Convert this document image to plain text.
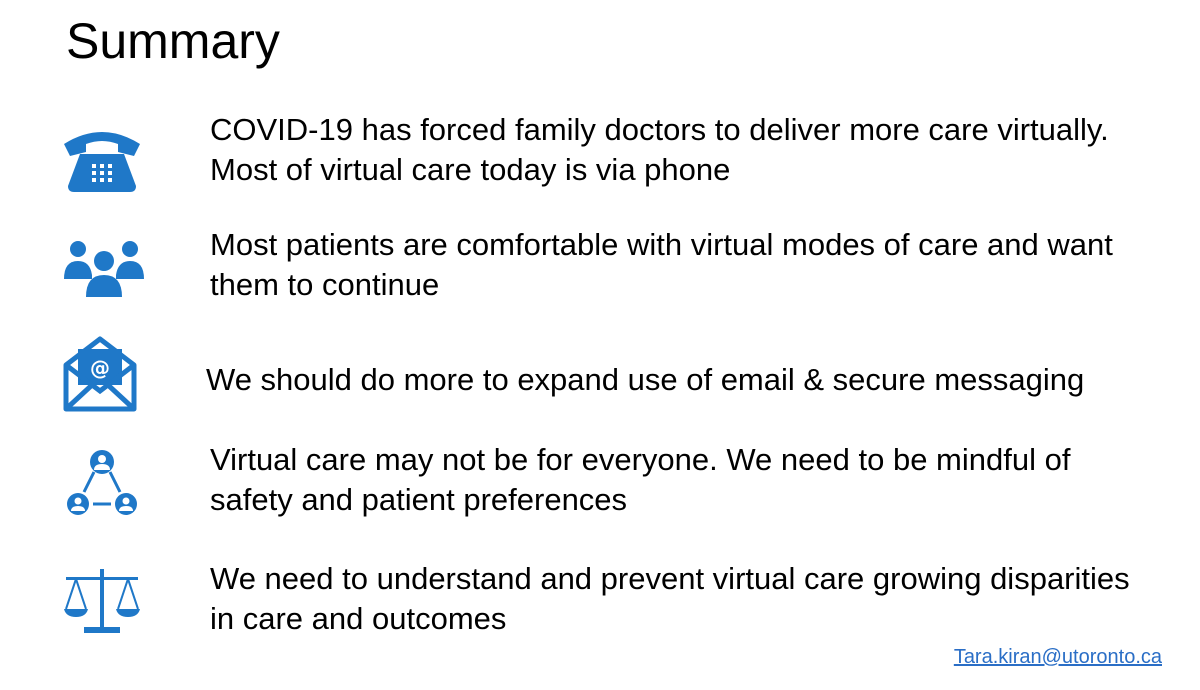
Summary
COVID-19 has forced family doctors to deliver more care virtually. Most of virtual care today is via phone
Most patients are comfortable with virtual modes of care and want them to continue
@	We should do more to expand use of email & secure messaging
Virtual care may not be for everyone. We need to be mindful of safety and patient preferences
We need to understand and prevent virtual care growing disparities in care and outcomes
Tara.kiran@utoronto.ca
